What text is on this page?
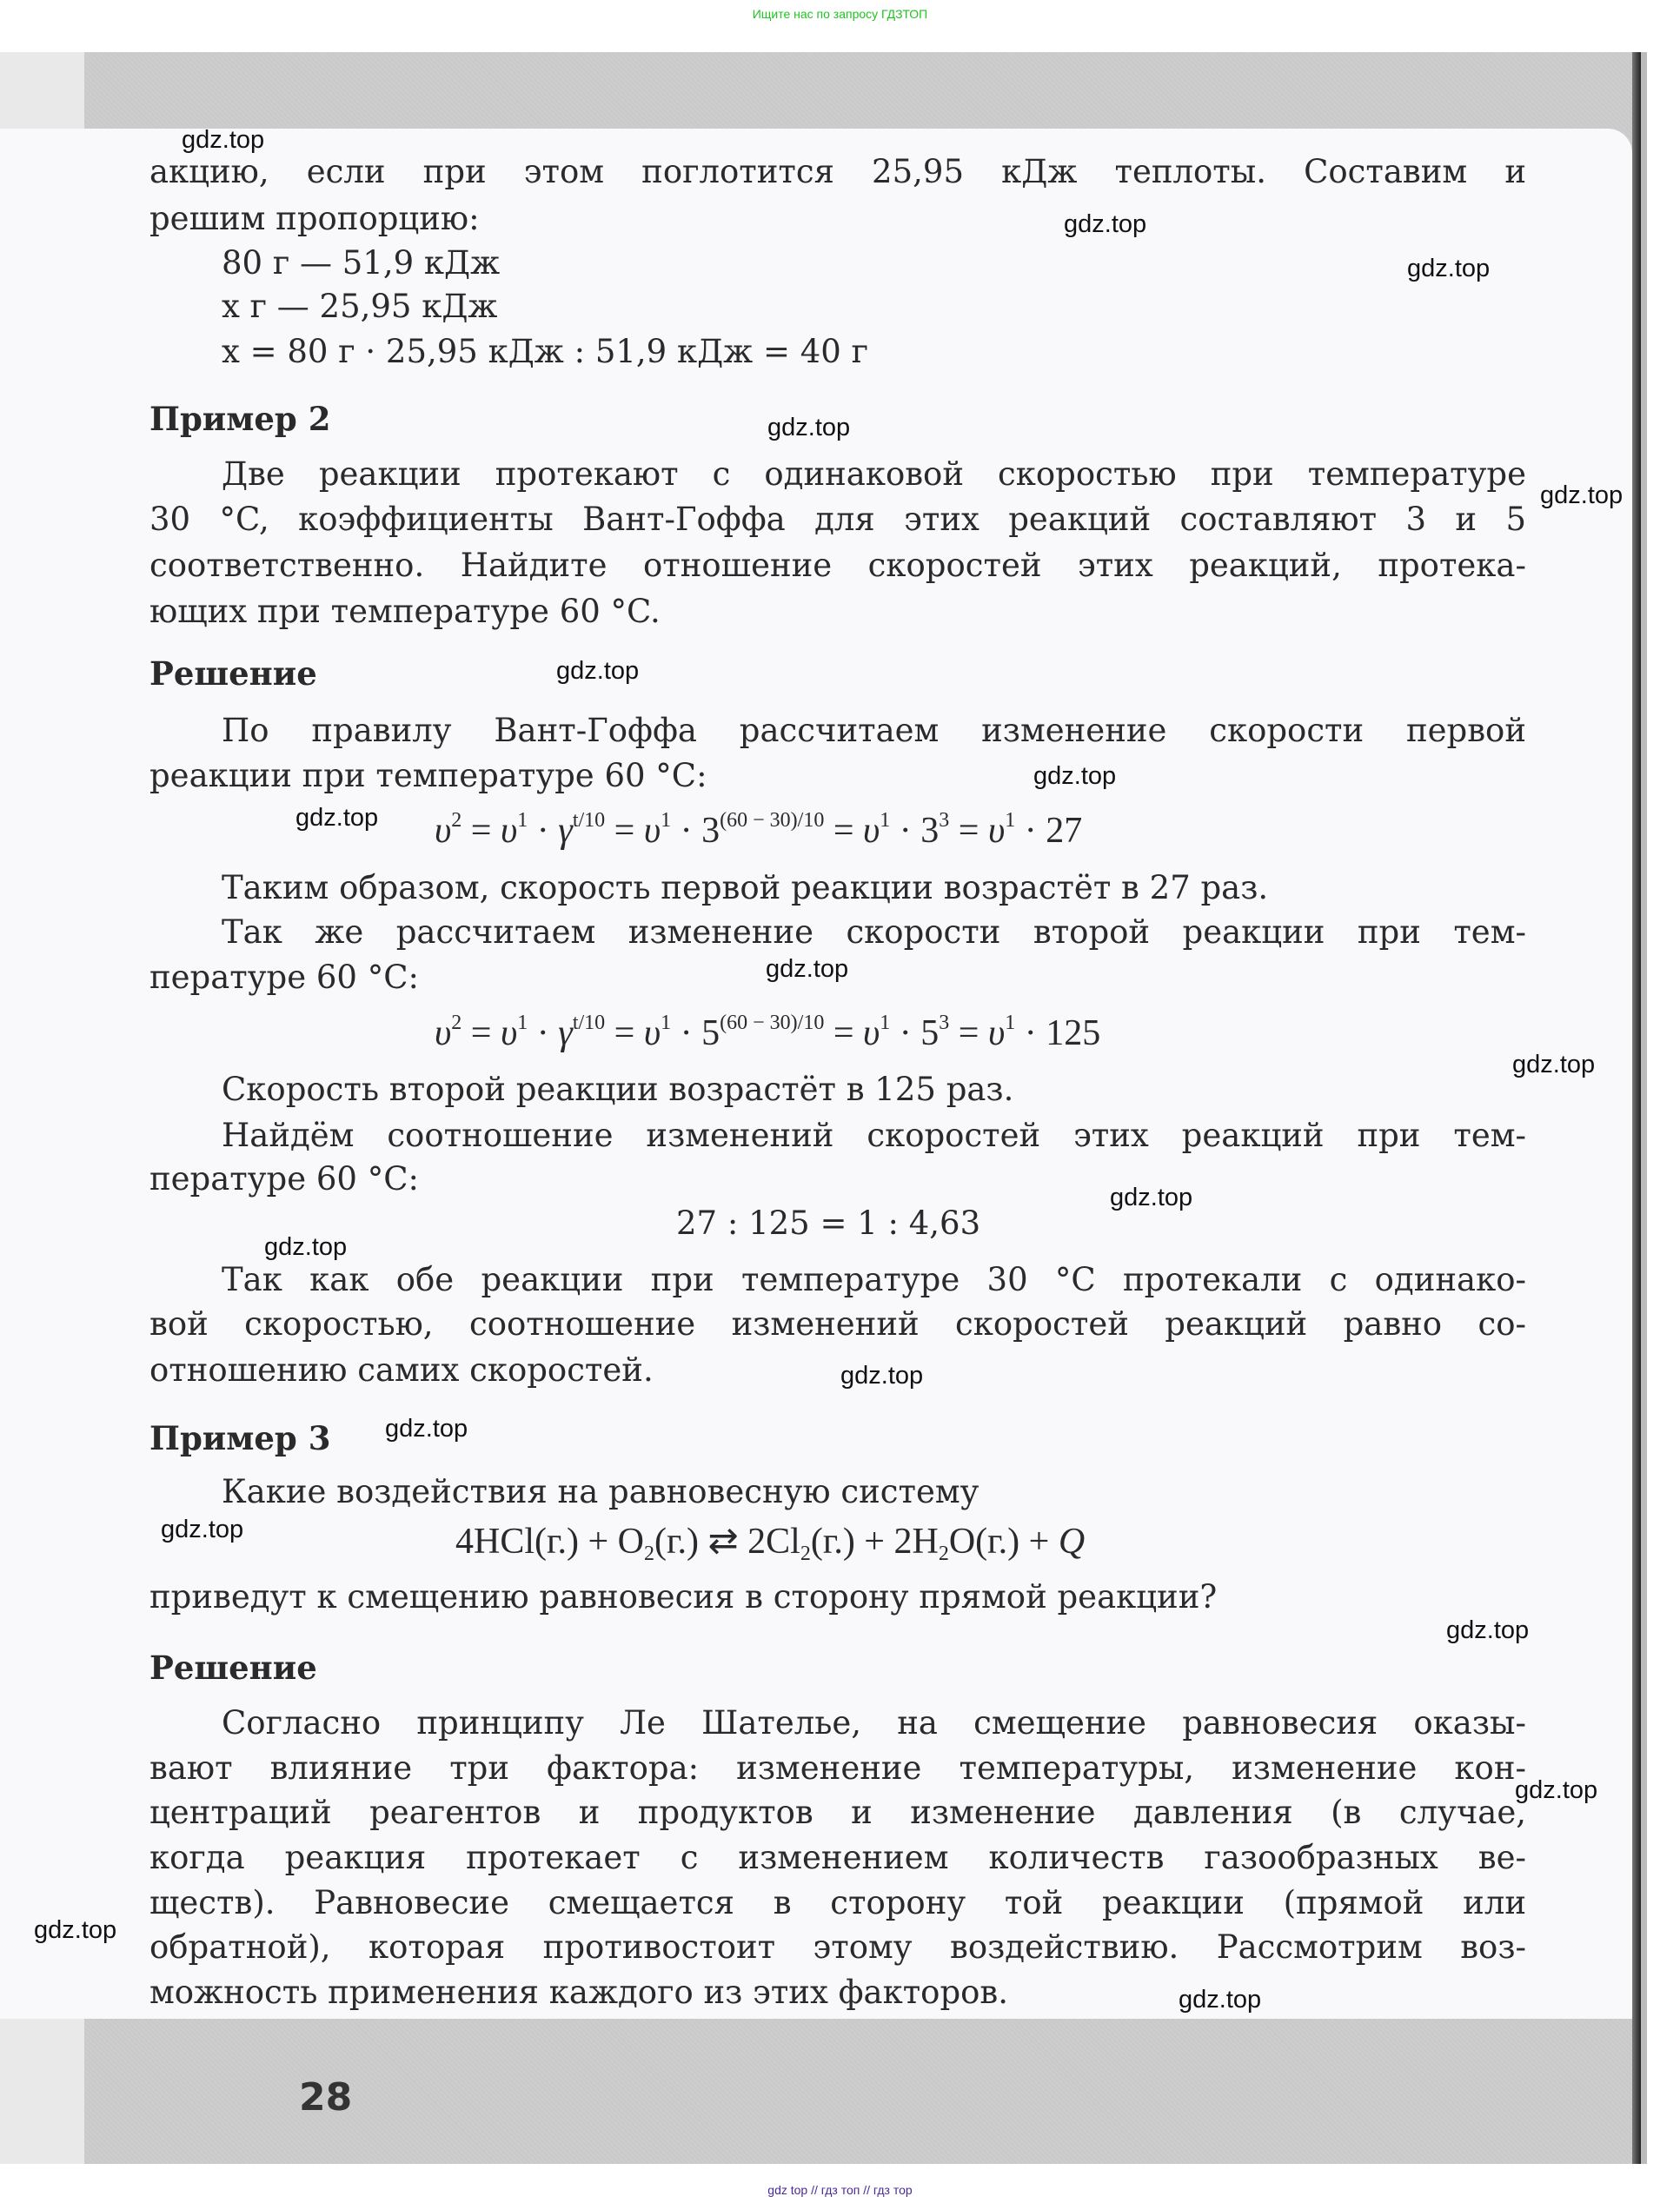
Ищите нас по запросу ГДЗТОП
акцию, если при этом поглотится 25,95 кДж теплоты. Составим и
решим пропорцию:
80 г — 51,9 кДж
x г — 25,95 кДж
x = 80 г · 25,95 кДж : 51,9 кДж = 40 г
Пример 2
Две реакции протекают с одинаковой скоростью при температуре
30 °C, коэффициенты Вант-Гоффа для этих реакций составляют 3 и 5
соответственно. Найдите отношение скоростей этих реакций, протека-
ющих при температуре 60 °C.
Решение
По правилу Вант-Гоффа рассчитаем изменение скорости первой
реакции при температуре 60 °C:
$\upsilon^2 = \upsilon^1 \cdot \gamma^{t/10} = \upsilon^1 \cdot 3^{(60 - 30)/10} = \upsilon^1 \cdot 3^3 = \upsilon^1 \cdot 27$
Таким образом, скорость первой реакции возрастёт в 27 раз.
Так же рассчитаем изменение скорости второй реакции при тем-
пературе 60 °C:
$\upsilon^2 = \upsilon^1 \cdot \gamma^{t/10} = \upsilon^1 \cdot 5^{(60 - 30)/10} = \upsilon^1 \cdot 5^3 = \upsilon^1 \cdot 125$
Скорость второй реакции возрастёт в 125 раз.
Найдём соотношение изменений скоростей этих реакций при тем-
пературе 60 °C:
27 : 125 = 1 : 4,63
Так как обе реакции при температуре 30 °C протекали с одинако-
вой скоростью, соотношение изменений скоростей реакций равно со-
отношению самих скоростей.
Пример 3
Какие воздействия на равновесную систему
$4HCl(г.) + O_2(г.)$ ⇄ $2Cl_2(г.) + 2H_2O(г.) + Q$
приведут к смещению равновесия в сторону прямой реакции?
Решение
Согласно принципу Ле Шателье, на смещение равновесия оказы-
вают влияние три фактора: изменение температуры, изменение кон-
центраций реагентов и продуктов и изменение давления (в случае,
когда реакция протекает с изменением количеств газообразных ве-
ществ). Равновесие смещается в сторону той реакции (прямой или
обратной), которая противостоит этому воздействию. Рассмотрим воз-
можность применения каждого из этих факторов.
28
gdz.top
gdz.top
gdz.top
gdz.top
gdz.top
gdz.top
gdz.top
gdz.top
gdz.top
gdz.top
gdz.top
gdz.top
gdz.top
gdz.top
gdz.top
gdz.top
gdz.top
gdz.top
gdz.top
gdz top // гдз топ // гдз тор
